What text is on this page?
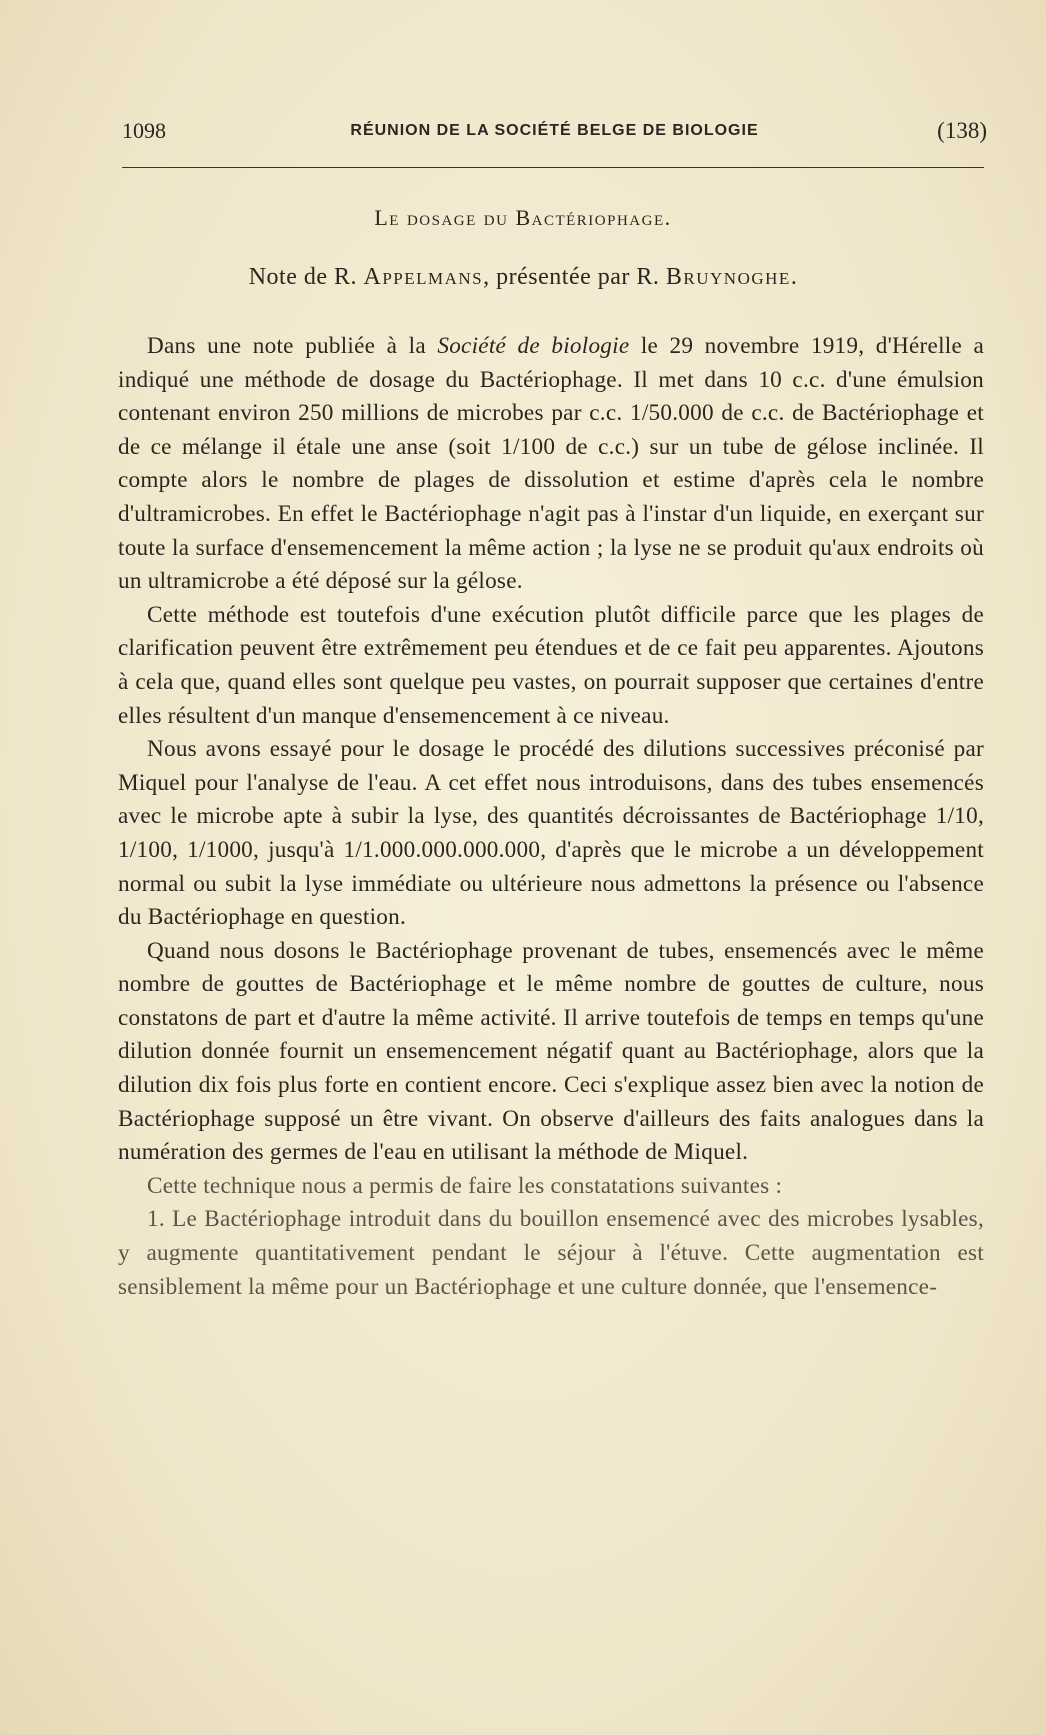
1098	RÉUNION DE LA SOCIÉTÉ BELGE DE BIOLOGIE	(138)
Le dosage du Bactériophage.
Note de R. Appelmans, présentée par R. Bruynoghe.

Dans une note publiée à la Société de biologie le 29 novembre 1919, d'Hérelle a indiqué une méthode de dosage du Bactériophage. Il met dans 10 c.c. d'une émulsion contenant environ 250 millions de microbes par c.c. 1/50.000 de c.c. de Bactériophage et de ce mélange il étale une anse (soit 1/100 de c.c.) sur un tube de gélose inclinée. Il compte alors le nombre de plages de dissolution et estime d'après cela le nombre d'ultramicrobes. En effet le Bactériophage n'agit pas à l'instar d'un liquide, en exerçant sur toute la surface d'ensemencement la même action ; la lyse ne se produit qu'aux endroits où un ultramicrobe a été déposé sur la gélose.

Cette méthode est toutefois d'une exécution plutôt difficile parce que les plages de clarification peuvent être extrêmement peu étendues et de ce fait peu apparentes. Ajoutons à cela que, quand elles sont quelque peu vastes, on pourrait supposer que certaines d'entre elles résultent d'un manque d'ensemencement à ce niveau.

Nous avons essayé pour le dosage le procédé des dilutions successives préconisé par Miquel pour l'analyse de l'eau. A cet effet nous introduisons, dans des tubes ensemencés avec le microbe apte à subir la lyse, des quantités décroissantes de Bactériophage 1/10, 1/100, 1/1000, jusqu'à 1/1.000.000.000.000, d'après que le microbe a un développement normal ou subit la lyse immédiate ou ultérieure nous admettons la présence ou l'absence du Bactériophage en question.

Quand nous dosons le Bactériophage provenant de tubes, ensemencés avec le même nombre de gouttes de Bactériophage et le même nombre de gouttes de culture, nous constatons de part et d'autre la même activité. Il arrive toutefois de temps en temps qu'une dilution donnée fournit un ensemencement négatif quant au Bactériophage, alors que la dilution dix fois plus forte en contient encore. Ceci s'explique assez bien avec la notion de Bactériophage supposé un être vivant. On observe d'ailleurs des faits analogues dans la numération des germes de l'eau en utilisant la méthode de Miquel.

Cette technique nous a permis de faire les constatations suivantes :

1. Le Bactériophage introduit dans du bouillon ensemencé avec des microbes lysables, y augmente quantitativement pendant le séjour à l'étuve. Cette augmentation est sensiblement la même pour un Bactériophage et une culture donnée, que l'ensemence-
